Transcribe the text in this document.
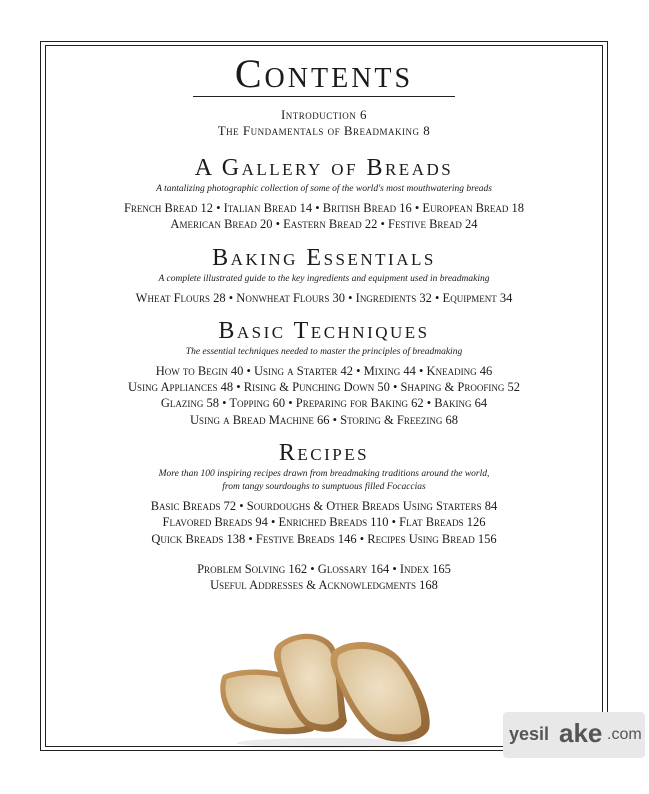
Contents
Introduction 6
The Fundamentals of Breadmaking 8
A Gallery of Breads
A tantalizing photographic collection of some of the world's most mouthwatering breads
French Bread 12 • Italian Bread 14 • British Bread 16 • European Bread 18
American Bread 20 • Eastern Bread 22 • Festive Bread 24
Baking Essentials
A complete illustrated guide to the key ingredients and equipment used in breadmaking
Wheat Flours 28 • Nonwheat Flours 30 • Ingredients 32 • Equipment 34
Basic Techniques
The essential techniques needed to master the principles of breadmaking
How to Begin 40 • Using a Starter 42 • Mixing 44 • Kneading 46
Using Appliances 48 • Rising & Punching Down 50 • Shaping & Proofing 52
Glazing 58 • Topping 60 • Preparing for Baking 62 • Baking 64
Using a Bread Machine 66 • Storing & Freezing 68
Recipes
More than 100 inspiring recipes drawn from breadmaking traditions around the world,
from tangy sourdoughs to sumptuous filled Focaccias
Basic Breads 72 • Sourdoughs & Other Breads Using Starters 84
Flavored Breads 94 • Enriched Breads 110 • Flat Breads 126
Quick Breads 138 • Festive Breads 146 • Recipes Using Bread 156
Problem Solving 162 • Glossary 164 • Index 165
Useful Addresses & Acknowledgments 168
yesil ake .com
